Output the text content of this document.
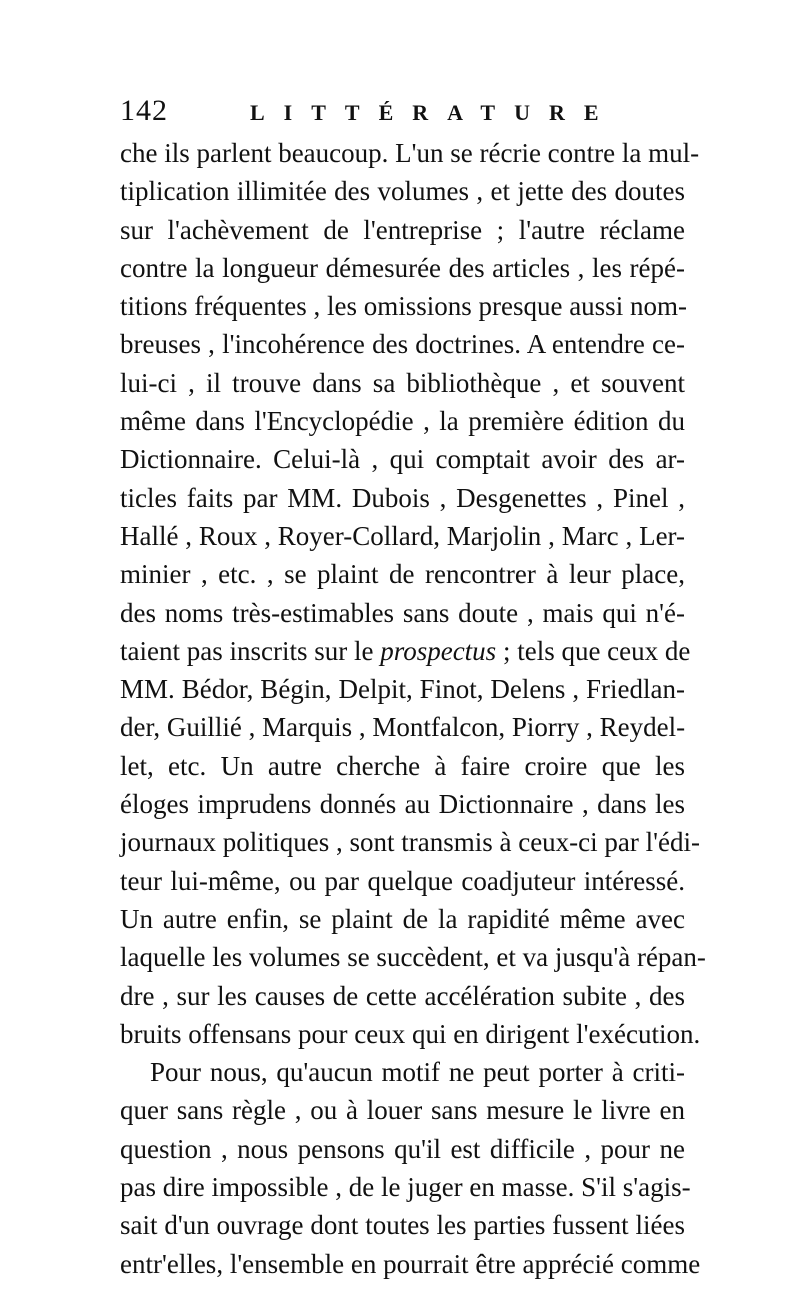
142	LITTÉRATURE
che ils parlent beaucoup. L'un se récrie contre la mul-
tiplication illimitée des volumes , et jette des doutes
sur l'achèvement de l'entreprise ; l'autre réclame
contre la longueur démesurée des articles , les répé-
titions fréquentes , les omissions presque aussi nom-
breuses , l'incohérence des doctrines. A entendre ce-
lui-ci , il trouve dans sa bibliothèque , et souvent
même dans l'Encyclopédie , la première édition du
Dictionnaire. Celui-là , qui comptait avoir des ar-
ticles faits par MM. Dubois , Desgenettes , Pinel ,
Hallé , Roux , Royer-Collard, Marjolin , Marc , Ler-
minier , etc. , se plaint de rencontrer à leur place,
des noms très-estimables sans doute , mais qui n'é-
taient pas inscrits sur le prospectus ; tels que ceux de
MM. Bédor, Bégin, Delpit, Finot, Delens , Friedlan-
der, Guillié , Marquis , Montfalcon, Piorry , Reydel-
let, etc. Un autre cherche à faire croire que les
éloges imprudens donnés au Dictionnaire , dans les
journaux politiques , sont transmis à ceux-ci par l'édi-
teur lui-même, ou par quelque coadjuteur intéressé.
Un autre enfin, se plaint de la rapidité même avec
laquelle les volumes se succèdent, et va jusqu'à répan-
dre , sur les causes de cette accélération subite , des
bruits offensans pour ceux qui en dirigent l'exécution.
Pour nous, qu'aucun motif ne peut porter à criti-
quer sans règle , ou à louer sans mesure le livre en
question , nous pensons qu'il est difficile , pour ne
pas dire impossible , de le juger en masse. S'il s'agis-
sait d'un ouvrage dont toutes les parties fussent liées
entr'elles, l'ensemble en pourrait être apprécié comme
